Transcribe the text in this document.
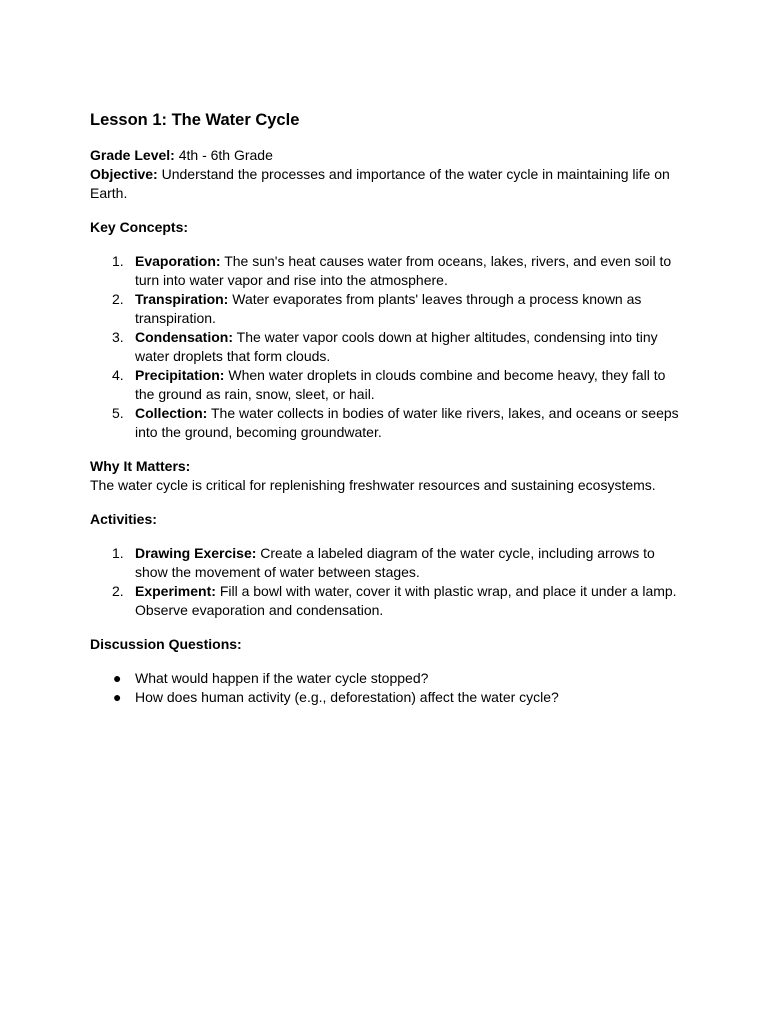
Lesson 1: The Water Cycle

Grade Level: 4th - 6th Grade

Objective: Understand the processes and importance of the water cycle in maintaining life on Earth.

Key Concepts:

1. Evaporation: The sun's heat causes water from oceans, lakes, rivers, and even soil to turn into water vapor and rise into the atmosphere.
2. Transpiration: Water evaporates from plants' leaves through a process known as transpiration.
3. Condensation: The water vapor cools down at higher altitudes, condensing into tiny water droplets that form clouds.
4. Precipitation: When water droplets in clouds combine and become heavy, they fall to the ground as rain, snow, sleet, or hail.
5. Collection: The water collects in bodies of water like rivers, lakes, and oceans or seeps into the ground, becoming groundwater.

Why It Matters:

The water cycle is critical for replenishing freshwater resources and sustaining ecosystems.

Activities:

1. Drawing Exercise: Create a labeled diagram of the water cycle, including arrows to show the movement of water between stages.
2. Experiment: Fill a bowl with water, cover it with plastic wrap, and place it under a lamp. Observe evaporation and condensation.

Discussion Questions:

● What would happen if the water cycle stopped?
● How does human activity (e.g., deforestation) affect the water cycle?
